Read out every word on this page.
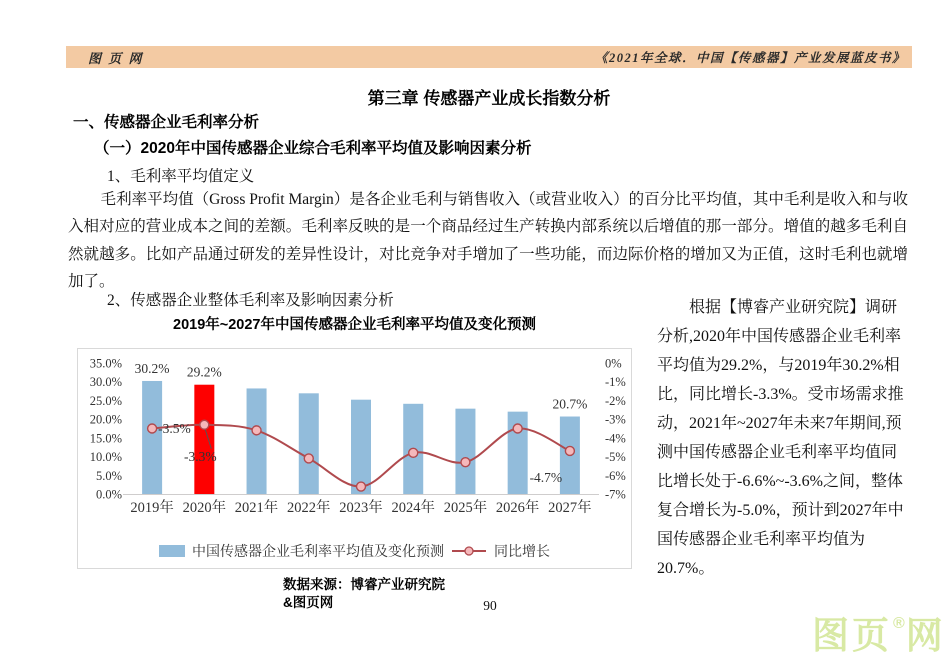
图 页 网	《2021年全球．中国【传感器】产业发展蓝皮书》
第三章 传感器产业成长指数分析
一、传感器企业毛利率分析
（一）2020年中国传感器企业综合毛利率平均值及影响因素分析
1、毛利率平均值定义
毛利率平均值（Gross Profit Margin）是各企业毛利与销售收入（或营业收入）的百分比平均值，其中毛利是收入和与收入相对应的营业成本之间的差额。毛利率反映的是一个商品经过生产转换内部系统以后增值的那一部分。增值的越多毛利自然就越多。比如产品通过研发的差异性设计，对比竞争对手增加了一些功能，而边际价格的增加又为正值，这时毛利也就增加了。
2、传感器企业整体毛利率及影响因素分析
2019年~2027年中国传感器企业毛利率平均值及变化预测
35.0%
30.0%
25.0%
20.0%
15.0%
10.0%
5.0%
0.0%
0%
-1%
-2%
-3%
-4%
-5%
-6%
-7%
30.2% 29.2%
20.7%
-3.5%
-3.3%
-4.7%
2019年 2020年 2021年 2022年 2023年 2024年 2025年 2026年 2027年
中国传感器企业毛利率平均值及变化预测	同比增长
根据【博睿产业研究院】调研分析,2020年中国传感器企业毛利率平均值为29.2%，与2019年30.2%相比，同比增长-3.3%。受市场需求推动，2021年~2027年未来7年期间,预测中国传感器企业毛利率平均值同比增长处于-6.6%~-3.6%之间，整体复合增长为-5.0%，预计到2027年中国传感器企业毛利率平均值为20.7%。
数据来源：博睿产业研究院
&图页网	90
图页®网
